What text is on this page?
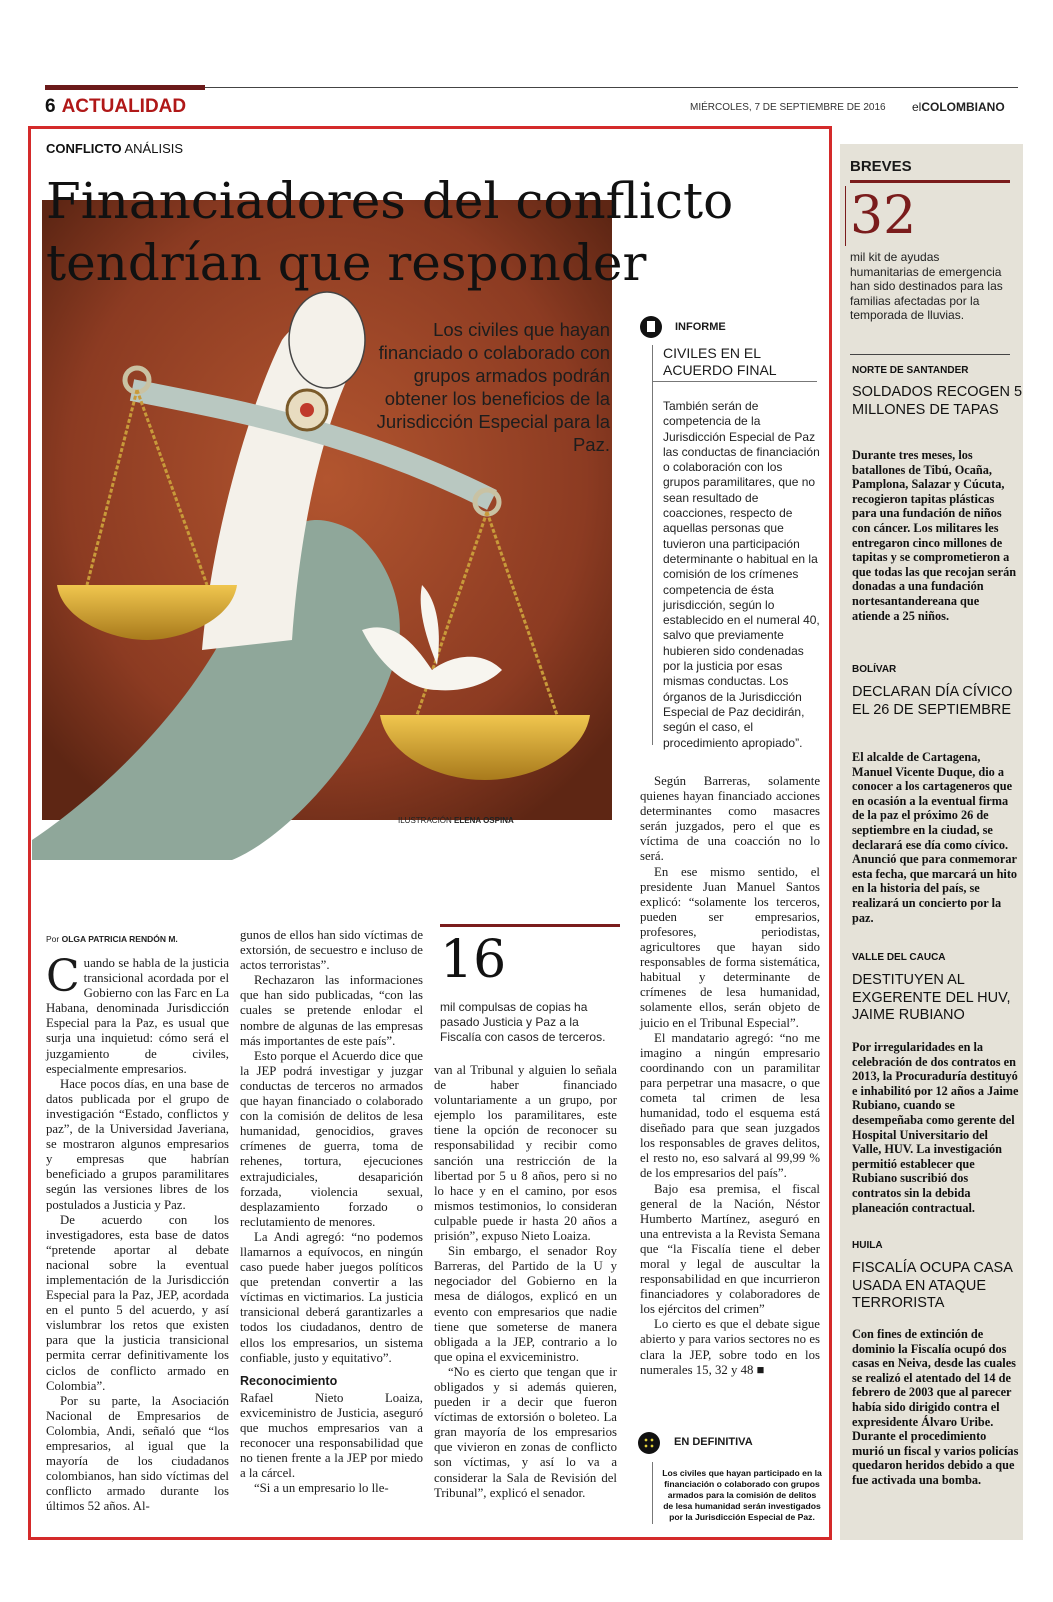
6 ACTUALIDAD	MIÉRCOLES, 7 DE SEPTIEMBRE DE 2016 elCOLOMBIANO
CONFLICTO ANÁLISIS
Financiadores del conflicto
tendrían que responder
Los civiles que hayan financiado o colaborado con grupos armados podrán obtener los beneficios de la Jurisdicción Especial para la Paz.
ILUSTRACIÓN ELENA OSPINA
INFORME
CIVILES EN EL ACUERDO FINAL
También serán de competencia de la Jurisdicción Especial de Paz las conductas de financiación o colaboración con los grupos paramilitares, que no sean resultado de coacciones, respecto de aquellas personas que tuvieron una participación determinante o habitual en la comisión de los crímenes competencia de ésta jurisdicción, según lo establecido en el numeral 40, salvo que previamente hubieren sido condenadas por la justicia por esas mismas conductas. Los órganos de la Jurisdicción Especial de Paz decidirán, según el caso, el procedimiento apropiado”.
Por OLGA PATRICIA RENDÓN M.

Cuando se habla de la justicia transicional acordada por el Gobierno con las Farc en La Habana, denominada Jurisdicción Especial para la Paz, es usual que surja una inquietud: cómo será el juzgamiento de civiles, especialmente empresarios.

Hace pocos días, en una base de datos publicada por el grupo de investigación “Estado, conflictos y paz”, de la Universidad Javeriana, se mostraron algunos empresarios y empresas que habrían beneficiado a grupos paramilitares según las versiones libres de los postulados a Justicia y Paz.

De acuerdo con los investigadores, esta base de datos “pretende aportar al debate nacional sobre la eventual implementación de la Jurisdicción Especial para la Paz, JEP, acordada en el punto 5 del acuerdo, y así vislumbrar los retos que existen para que la justicia transicional permita cerrar definitivamente los ciclos de conflicto armado en Colombia”.

Por su parte, la Asociación Nacional de Empresarios de Colombia, Andi, señaló que “los empresarios, al igual que la mayoría de los ciudadanos colombianos, han sido víctimas del conflicto armado durante los últimos 52 años. Al-

gunos de ellos han sido víctimas de extorsión, de secuestro e incluso de actos terroristas”.

Rechazaron las informaciones que han sido publicadas, “con las cuales se pretende enlodar el nombre de algunas de las empresas más importantes de este país”.

Esto porque el Acuerdo dice que la JEP podrá investigar y juzgar conductas de terceros no armados que hayan financiado o colaborado con la comisión de delitos de lesa humanidad, genocidios, graves crímenes de guerra, toma de rehenes, tortura, ejecuciones extrajudiciales, desaparición forzada, violencia sexual, desplazamiento forzado o reclutamiento de menores.

La Andi agregó: “no podemos llamarnos a equívocos, en ningún caso puede haber juegos políticos que pretendan convertir a las víctimas en victimarios. La justicia transicional deberá garantizarles a todos los ciudadanos, dentro de ellos los empresarios, un sistema confiable, justo y equitativo”.

Reconocimiento

Rafael Nieto Loaiza, exviceministro de Justicia, aseguró que muchos empresarios van a reconocer una responsabilidad que no tienen frente a la JEP por miedo a la cárcel.

“Si a un empresario lo lle-

16
mil compulsas de copias ha pasado Justicia y Paz a la Fiscalía con casos de terceros.

van al Tribunal y alguien lo señala de haber financiado voluntariamente a un grupo, por ejemplo los paramilitares, este tiene la opción de reconocer su responsabilidad y recibir como sanción una restricción de la libertad por 5 u 8 años, pero si no lo hace y en el camino, por esos mismos testimonios, lo consideran culpable puede ir hasta 20 años a prisión”, expuso Nieto Loaiza.

Sin embargo, el senador Roy Barreras, del Partido de la U y negociador del Gobierno en la mesa de diálogos, explicó en un evento con empresarios que nadie tiene que someterse de manera obligada a la JEP, contrario a lo que opina el exviceministro.

“No es cierto que tengan que ir obligados y si además quieren, pueden ir a decir que fueron víctimas de extorsión o boleteo. La gran mayoría de los empresarios que vivieron en zonas de conflicto son víctimas, y así lo va a considerar la Sala de Revisión del Tribunal”, explicó el senador.

Según Barreras, solamente quienes hayan financiado acciones determinantes como masacres serán juzgados, pero el que es víctima de una coacción no lo será.

En ese mismo sentido, el presidente Juan Manuel Santos explicó: “solamente los terceros, pueden ser empresarios, profesores, periodistas, agricultores que hayan sido responsables de forma sistemática, habitual y determinante de crímenes de lesa humanidad, solamente ellos, serán objeto de juicio en el Tribunal Especial”.

El mandatario agregó: “no me imagino a ningún empresario coordinando con un paramilitar para perpetrar una masacre, o que cometa tal crimen de lesa humanidad, todo el esquema está diseñado para que sean juzgados los responsables de graves delitos, el resto no, eso salvará al 99,99 % de los empresarios del país”.

Bajo esa premisa, el fiscal general de la Nación, Néstor Humberto Martínez, aseguró en una entrevista a la Revista Semana que “la Fiscalía tiene el deber moral y legal de auscultar la responsabilidad en que incurrieron financiadores y colaboradores de los ejércitos del crimen”

Lo cierto es que el debate sigue abierto y para varios sectores no es clara la JEP, sobre todo en los numerales 15, 32 y 48 ■

EN DEFINITIVA
Los civiles que hayan participado en la financiación o colaborado con grupos armados para la comisión de delitos de lesa humanidad serán investigados por la Jurisdicción Especial de Paz.
BREVES
32
mil kit de ayudas humanitarias de emergencia han sido destinados para las familias afectadas por la temporada de lluvias.
NORTE DE SANTANDER
SOLDADOS RECOGEN 5 MILLONES DE TAPAS
Durante tres meses, los batallones de Tibú, Ocaña, Pamplona, Salazar y Cúcuta, recogieron tapitas plásticas para una fundación de niños con cáncer. Los militares les entregaron cinco millones de tapitas y se comprometieron a que todas las que recojan serán donadas a una fundación nortesantandereana que atiende a 25 niños.
BOLÍVAR
DECLARAN DÍA CÍVICO EL 26 DE SEPTIEMBRE
El alcalde de Cartagena, Manuel Vicente Duque, dio a conocer a los cartageneros que en ocasión a la eventual firma de la paz el próximo 26 de septiembre en la ciudad, se declarará ese día como cívico. Anunció que para conmemorar esta fecha, que marcará un hito en la historia del país, se realizará un concierto por la paz.
VALLE DEL CAUCA
DESTITUYEN AL EXGERENTE DEL HUV, JAIME RUBIANO
Por irregularidades en la celebración de dos contratos en 2013, la Procuraduría destituyó e inhabilitó por 12 años a Jaime Rubiano, cuando se desempeñaba como gerente del Hospital Universitario del Valle, HUV. La investigación permitió establecer que Rubiano suscribió dos contratos sin la debida planeación contractual.
HUILA
FISCALÍA OCUPA CASA USADA EN ATAQUE TERRORISTA
Con fines de extinción de dominio la Fiscalía ocupó dos casas en Neiva, desde las cuales se realizó el atentado del 14 de febrero de 2003 que al parecer había sido dirigido contra el expresidente Álvaro Uribe. Durante el procedimiento murió un fiscal y varios policías quedaron heridos debido a que fue activada una bomba.
